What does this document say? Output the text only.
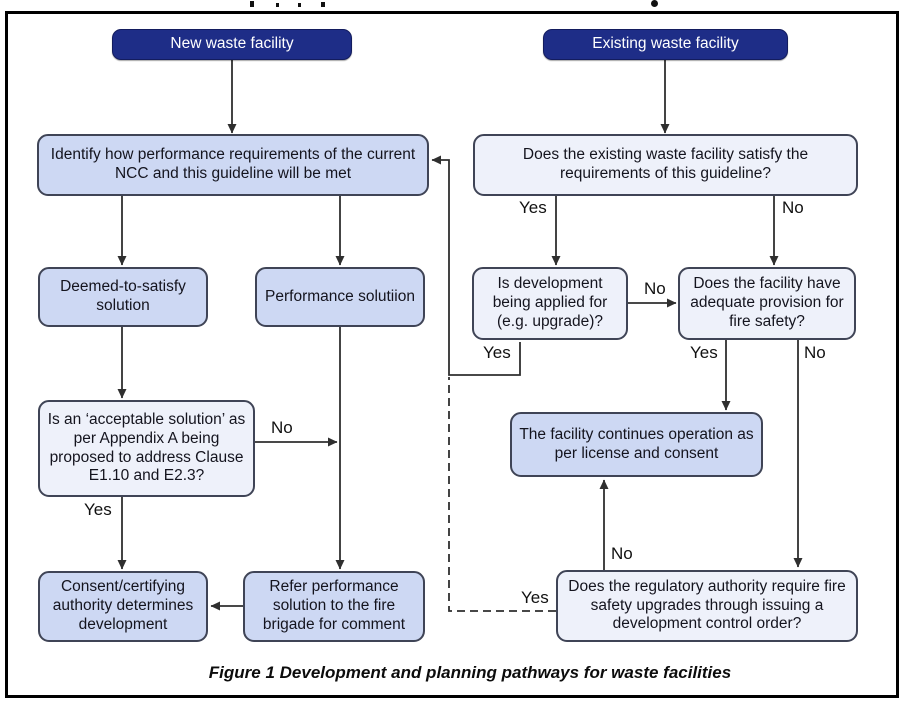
New waste facility	Existing waste facility
Identify how performance requirements of the current NCC and this guideline will be met
Deemed-to-satisfy solution
Performance solutiion
Is an ‘acceptable solution’ as per Appendix A being proposed to address Clause E1.10 and E2.3?
Consent/certifying authority determines development
Refer performance solution to the fire brigade for comment
Does the existing waste facility satisfy the requirements of this guideline?
Is development being applied for (e.g. upgrade)?
Does the facility have adequate provision for fire safety?
The facility continues operation as per license and consent
Does the regulatory authority require fire safety upgrades through issuing a development control order?
Yes	No
No
Yes	Yes	No
No
Yes
No
Yes
Figure 1 Development and planning pathways for waste facilities
